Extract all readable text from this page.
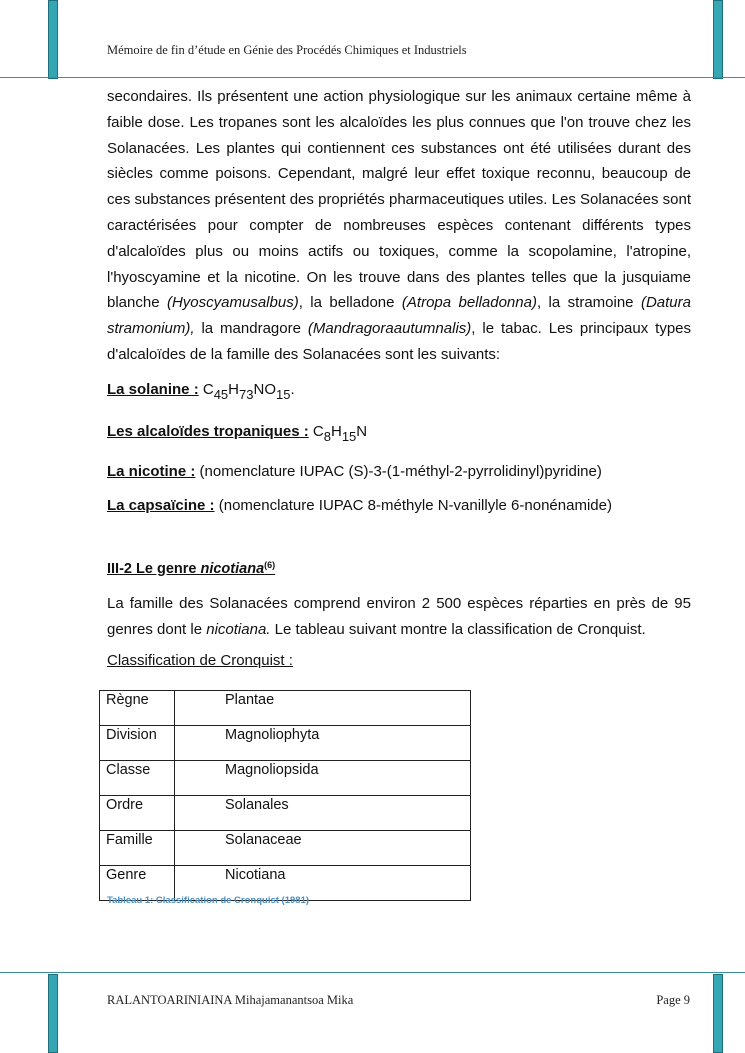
Mémoire de fin d’étude en Génie des Procédés Chimiques et Industriels

secondaires. Ils présentent une action physiologique sur les animaux certaine même à faible dose. Les tropanes sont les alcaloïdes les plus connues que l'on trouve chez les Solanacées. Les plantes qui contiennent ces substances ont été utilisées durant des siècles comme poisons. Cependant, malgré leur effet toxique reconnu, beaucoup de ces substances présentent des propriétés pharmaceutiques utiles. Les Solanacées sont caractérisées pour compter de nombreuses espèces contenant différents types d'alcaloïdes plus ou moins actifs ou toxiques, comme la scopolamine, l'atropine, l'hyoscyamine et la nicotine. On les trouve dans des plantes telles que la jusquiame blanche (Hyoscyamusalbus), la belladone (Atropa belladonna), la stramoine (Datura stramonium), la mandragore (Mandragoraautumnalis), le tabac. Les principaux types d'alcaloïdes de la famille des Solanacées sont les suivants:

La solanine : $C_{45}H_{73}NO_{15}$.

Les alcaloïdes tropaniques : $C_8H_{15}N$

La nicotine : (nomenclature IUPAC (S)-3-(1-méthyl-2-pyrrolidinyl)pyridine)

La capsaïcine : (nomenclature IUPAC 8-méthyle N-vanillyle 6-nonénamide)

III-2 Le genre nicotiana$^{(6)}$

La famille des Solanacées comprend environ 2 500 espèces réparties en près de 95 genres dont le nicotiana. Le tableau suivant montre la classification de Cronquist.

Classification de Cronquist :

Règne	Plantae
Division	Magnoliophyta
Classe	Magnoliopsida
Ordre	Solanales
Famille	Solanaceae
Genre	Nicotiana
Tableau 1: Classification de Cronquist (1981)
RALANTOARINIAINA Mihajamanantsoa Mika	Page 9
